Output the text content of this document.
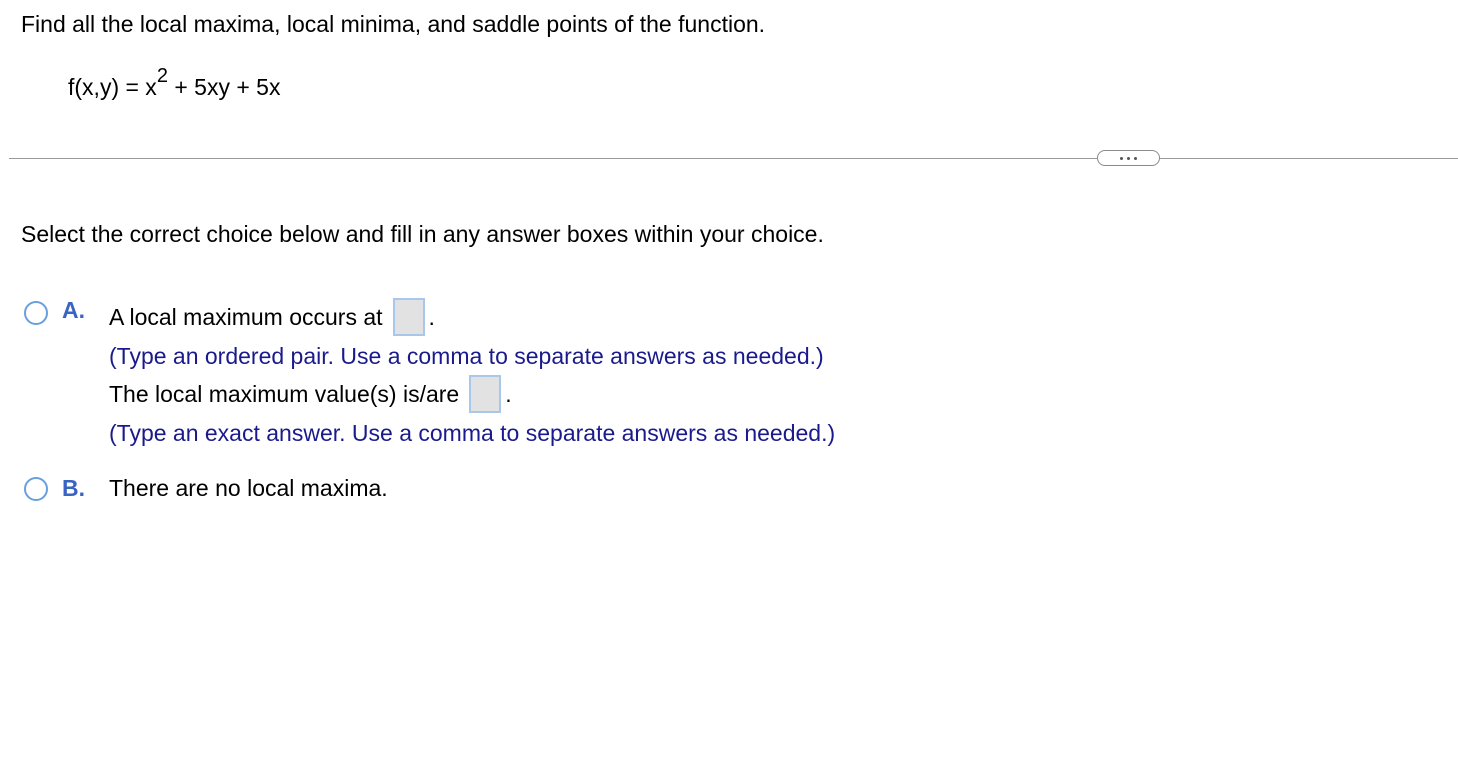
Find all the local maxima, local minima, and saddle points of the function.
$f(x,y) = x^2 + 5xy + 5x$
Select the correct choice below and fill in any answer boxes within your choice.
A. A local maximum occurs at .
(Type an ordered pair. Use a comma to separate answers as needed.)
The local maximum value(s) is/are .
(Type an exact answer. Use a comma to separate answers as needed.)
B. There are no local maxima.
